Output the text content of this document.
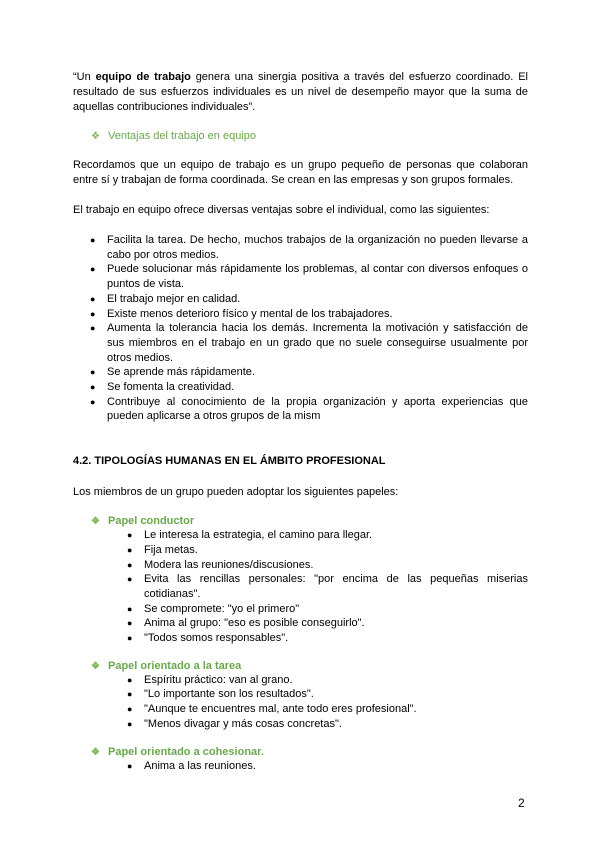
“Un equipo de trabajo genera una sinergia positiva a través del esfuerzo coordinado. El resultado de sus esfuerzos individuales es un nivel de desempeño mayor que la suma de aquellas contribuciones individuales”.

❖ Ventajas del trabajo en equipo

Recordamos que un equipo de trabajo es un grupo pequeño de personas que colaboran entre sí y trabajan de forma coordinada. Se crean en las empresas y son grupos formales.

El trabajo en equipo ofrece diversas ventajas sobre el individual, como las siguientes:

●	Facilita la tarea. De hecho, muchos trabajos de la organización no pueden llevarse a cabo por otros medios.
●	Puede solucionar más rápidamente los problemas, al contar con diversos enfoques o puntos de vista.
●	El trabajo mejor en calidad.
●	Existe menos deterioro físico y mental de los trabajadores.
●	Aumenta la tolerancia hacia los demás. Incrementa la motivación y satisfacción de sus miembros en el trabajo en un grado que no suele conseguirse usualmente por otros medios.
●	Se aprende más rápidamente.
●	Se fomenta la creatividad.
●	Contribuye al conocimiento de la propia organización y aporta experiencias que pueden aplicarse a otros grupos de la mism
4.2. TIPOLOGÍAS HUMANAS EN EL ÁMBITO PROFESIONAL

Los miembros de un grupo pueden adoptar los siguientes papeles:

❖ Papel conductor
●	Le interesa la estrategia, el camino para llegar.
●	Fija metas.
●	Modera las reuniones/discusiones.
●	Evita las rencillas personales: "por encima de las pequeñas miserias cotidianas".
●	Se compromete: "yo el primero"
●	Anima al grupo: "eso es posible conseguirlo".
●	"Todos somos responsables".
❖ Papel orientado a la tarea
●	Espíritu práctico: van al grano.
●	"Lo importante son los resultados".
●	"Aunque te encuentres mal, ante todo eres profesional".
●	"Menos divagar y más cosas concretas".
❖ Papel orientado a cohesionar.
●	Anima a las reuniones.
2
